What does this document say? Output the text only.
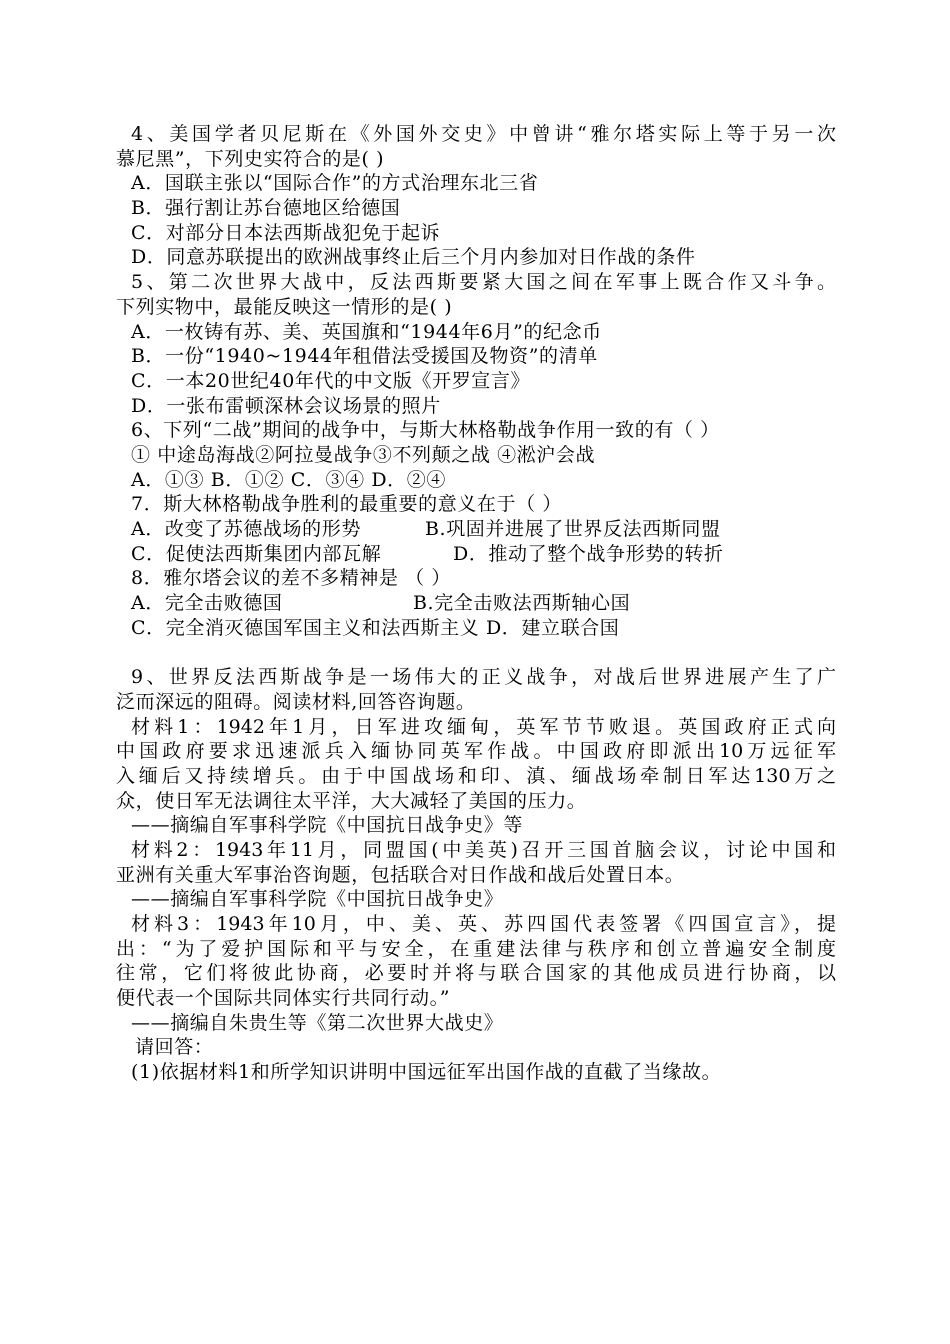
4、美国学者贝尼斯在《外国外交史》中曾讲“雅尔塔实际上等于另一次
慕尼黑”，下列史实符合的是( )
A．国联主张以“国际合作”的方式治理东北三省
B．强行割让苏台德地区给德国
C．对部分日本法西斯战犯免于起诉
D．同意苏联提出的欧洲战事终止后三个月内参加对日作战的条件
5、第二次世界大战中，反法西斯要紧大国之间在军事上既合作又斗争。
下列实物中，最能反映这一情形的是( )
A．一枚铸有苏、美、英国旗和“1944年6月”的纪念币
B．一份“1940~1944年租借法受援国及物资”的清单
C．一本20世纪40年代的中文版《开罗宣言》
D．一张布雷顿深林会议场景的照片
6、下列“二战”期间的战争中，与斯大林格勒战争作用一致的有（ ）
① 中途岛海战②阿拉曼战争③不列颠之战 ④淞沪会战
A．①③ B．①② C．③④ D．②④
7．斯大林格勒战争胜利的最重要的意义在于（ ）
A．改变了苏德战场的形势	B.巩固并进展了世界反法西斯同盟
C．促使法西斯集团内部瓦解	D．推动了整个战争形势的转折
8．雅尔塔会议的差不多精神是 （ ）
A．完全击败德国	B.完全击败法西斯轴心国
C．完全消灭德国军国主义和法西斯主义 D．建立联合国
9、世界反法西斯战争是一场伟大的正义战争，对战后世界进展产生了广
泛而深远的阻碍。阅读材料,回答咨询题。
材料1：1942年1月，日军进攻缅甸，英军节节败退。英国政府正式向
中国政府要求迅速派兵入缅协同英军作战。中国政府即派出10万远征军
入缅后又持续增兵。由于中国战场和印、滇、缅战场牵制日军达130万之
众，使日军无法调往太平洋，大大减轻了美国的压力。
——摘编自军事科学院《中国抗日战争史》等
材料2：1943年11月，同盟国(中美英)召开三国首脑会议，讨论中国和
亚洲有关重大军事治咨询题，包括联合对日作战和战后处置日本。
——摘编自军事科学院《中国抗日战争史》
材料3：1943年10月，中、美、英、苏四国代表签署《四国宣言》，提
出：“为了爱护国际和平与安全，在重建法律与秩序和创立普遍安全制度
往常，它们将彼此协商，必要时并将与联合国家的其他成员进行协商，以
便代表一个国际共同体实行共同行动。”
——摘编自朱贵生等《第二次世界大战史》
请回答：
(1)依据材料1和所学知识讲明中国远征军出国作战的直截了当缘故。
